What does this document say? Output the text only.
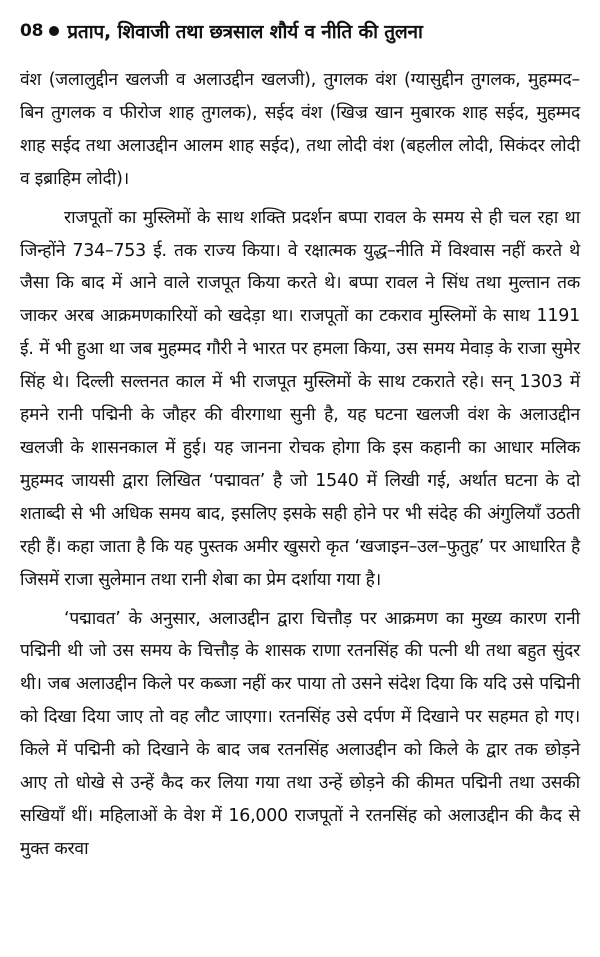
08 प्रताप, शिवाजी तथा छत्रसाल शौर्य व नीति की तुलना

वंश (जलालुद्दीन खलजी व अलाउद्दीन खलजी), तुगलक वंश (ग्यासुद्दीन तुगलक, मुहम्मद–बिन तुगलक व फीरोज शाह तुगलक), सईद वंश (खिज्र खान मुबारक शाह सईद, मुहम्मद शाह सईद तथा अलाउद्दीन आलम शाह सईद), तथा लोदी वंश (बहलील लोदी, सिकंदर लोदी व इब्राहिम लोदी)।

राजपूतों का मुस्लिमों के साथ शक्ति प्रदर्शन बप्पा रावल के समय से ही चल रहा था जिन्होंने 734–753 ई. तक राज्य किया। वे रक्षात्मक युद्ध–नीति में विश्वास नहीं करते थे जैसा कि बाद में आने वाले राजपूत किया करते थे। बप्पा रावल ने सिंध तथा मुल्तान तक जाकर अरब आक्रमणकारियों को खदेड़ा था। राजपूतों का टकराव मुस्लिमों के साथ 1191 ई. में भी हुआ था जब मुहम्मद गौरी ने भारत पर हमला किया, उस समय मेवाड़ के राजा सुमेर सिंह थे। दिल्ली सल्तनत काल में भी राजपूत मुस्लिमों के साथ टकराते रहे। सन् 1303 में हमने रानी पद्मिनी के जौहर की वीरगाथा सुनी है, यह घटना खलजी वंश के अलाउद्दीन खलजी के शासनकाल में हुई। यह जानना रोचक होगा कि इस कहानी का आधार मलिक मुहम्मद जायसी द्वारा लिखित ‘पद्मावत’ है जो 1540 में लिखी गई, अर्थात घटना के दो शताब्दी से भी अधिक समय बाद, इसलिए इसके सही होने पर भी संदेह की अंगुलियाँ उठती रही हैं। कहा जाता है कि यह पुस्तक अमीर खुसरो कृत ‘खजाइन–उल–फुतुह’ पर आधारित है जिसमें राजा सुलेमान तथा रानी शेबा का प्रेम दर्शाया गया है।

‘पद्मावत’ के अनुसार, अलाउद्दीन द्वारा चित्तौड़ पर आक्रमण का मुख्य कारण रानी पद्मिनी थी जो उस समय के चित्तौड़ के शासक राणा रतनसिंह की पत्नी थी तथा बहुत सुंदर थी। जब अलाउद्दीन किले पर कब्जा नहीं कर पाया तो उसने संदेश दिया कि यदि उसे पद्मिनी को दिखा दिया जाए तो वह लौट जाएगा। रतनसिंह उसे दर्पण में दिखाने पर सहमत हो गए। किले में पद्मिनी को दिखाने के बाद जब रतनसिंह अलाउद्दीन को किले के द्वार तक छोड़ने आए तो धोखे से उन्हें कैद कर लिया गया तथा उन्हें छोड़ने की कीमत पद्मिनी तथा उसकी सखियाँ थीं। महिलाओं के वेश में 16,000 राजपूतों ने रतनसिंह को अलाउद्दीन की कैद से मुक्त करवा
